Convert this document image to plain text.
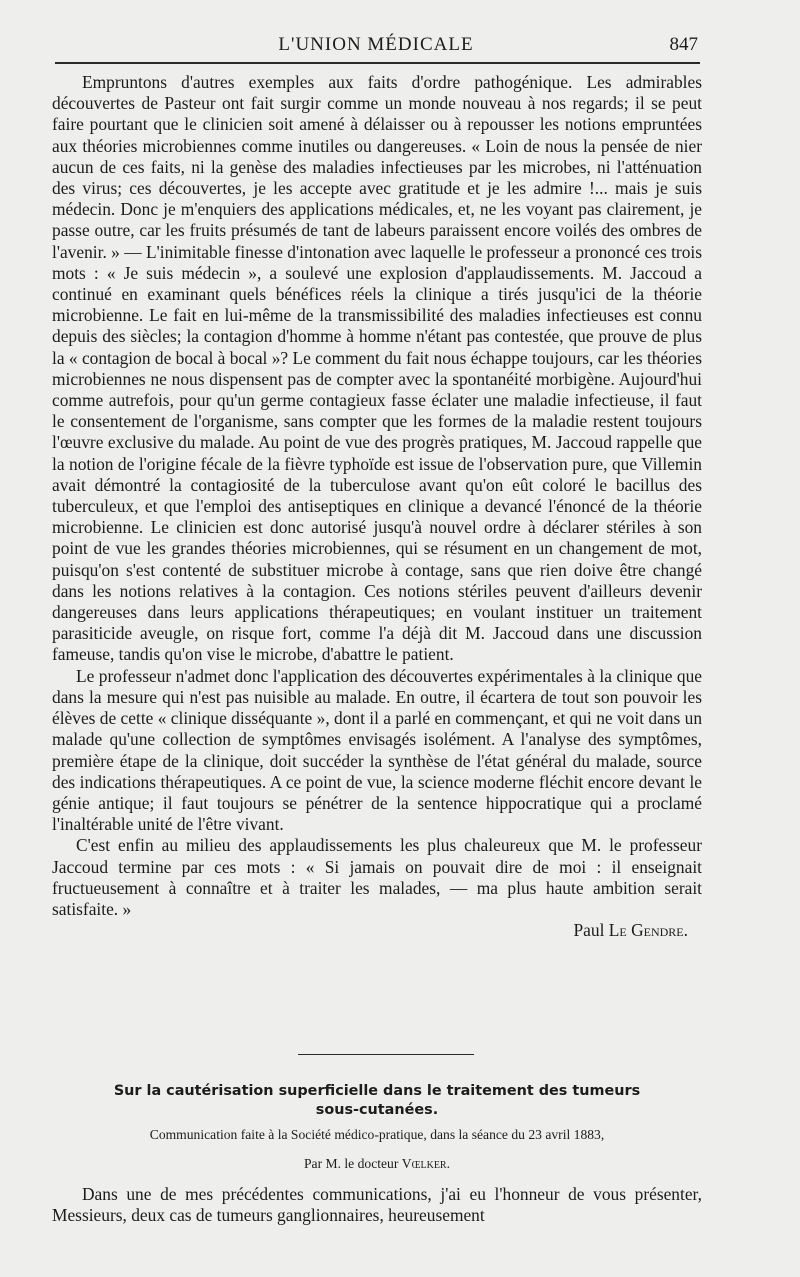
L'UNION MÉDICALE	847

Empruntons d'autres exemples aux faits d'ordre pathogénique. Les admirables découvertes de Pasteur ont fait surgir comme un monde nouveau à nos regards; il se peut faire pourtant que le clinicien soit amené à délaisser ou à repousser les notions empruntées aux théories microbiennes comme inutiles ou dangereuses. « Loin de nous la pensée de nier aucun de ces faits, ni la genèse des maladies infectieuses par les microbes, ni l'atténuation des virus; ces découvertes, je les accepte avec gratitude et je les admire !... mais je suis médecin. Donc je m'enquiers des applications médicales, et, ne les voyant pas clairement, je passe outre, car les fruits présumés de tant de labeurs paraissent encore voilés des ombres de l'avenir. » — L'inimitable finesse d'intonation avec laquelle le professeur a prononcé ces trois mots : « Je suis médecin », a soulevé une explosion d'applaudissements. M. Jaccoud a continué en examinant quels bénéfices réels la clinique a tirés jusqu'ici de la théorie microbienne. Le fait en lui-même de la transmissibilité des maladies infectieuses est connu depuis des siècles; la contagion d'homme à homme n'étant pas contestée, que prouve de plus la « contagion de bocal à bocal »? Le comment du fait nous échappe toujours, car les théories microbiennes ne nous dispensent pas de compter avec la spontanéité morbigène. Aujourd'hui comme autrefois, pour qu'un germe contagieux fasse éclater une maladie infectieuse, il faut le consentement de l'organisme, sans compter que les formes de la maladie restent toujours l'œuvre exclusive du malade. Au point de vue des progrès pratiques, M. Jaccoud rappelle que la notion de l'origine fécale de la fièvre typhoïde est issue de l'observation pure, que Villemin avait démontré la contagiosité de la tuberculose avant qu'on eût coloré le bacillus des tuberculeux, et que l'emploi des antiseptiques en clinique a devancé l'énoncé de la théorie microbienne. Le clinicien est donc autorisé jusqu'à nouvel ordre à déclarer stériles à son point de vue les grandes théories microbiennes, qui se résument en un changement de mot, puisqu'on s'est contenté de substituer microbe à contage, sans que rien doive être changé dans les notions relatives à la contagion. Ces notions stériles peuvent d'ailleurs devenir dangereuses dans leurs applications thérapeutiques; en voulant instituer un traitement parasiticide aveugle, on risque fort, comme l'a déjà dit M. Jaccoud dans une discussion fameuse, tandis qu'on vise le microbe, d'abattre le patient.

Le professeur n'admet donc l'application des découvertes expérimentales à la clinique que dans la mesure qui n'est pas nuisible au malade. En outre, il écartera de tout son pouvoir les élèves de cette « clinique disséquante », dont il a parlé en commençant, et qui ne voit dans un malade qu'une collection de symptômes envisagés isolément. A l'analyse des symptômes, première étape de la clinique, doit succéder la synthèse de l'état général du malade, source des indications thérapeutiques. A ce point de vue, la science moderne fléchit encore devant le génie antique; il faut toujours se pénétrer de la sentence hippocratique qui a proclamé l'inaltérable unité de l'être vivant.

C'est enfin au milieu des applaudissements les plus chaleureux que M. le professeur Jaccoud termine par ces mots : « Si jamais on pouvait dire de moi : il enseignait fructueusement à connaître et à traiter les malades, — ma plus haute ambition serait satisfaite. »

Paul Le Gendre.
Sur la cautérisation superficielle dans le traitement des tumeurs
sous-cutanées.
Communication faite à la Société médico-pratique, dans la séance du 23 avril 1883,
Par M. le docteur Vœlker.

Dans une de mes précédentes communications, j'ai eu l'honneur de vous présenter, Messieurs, deux cas de tumeurs ganglionnaires, heureusement
